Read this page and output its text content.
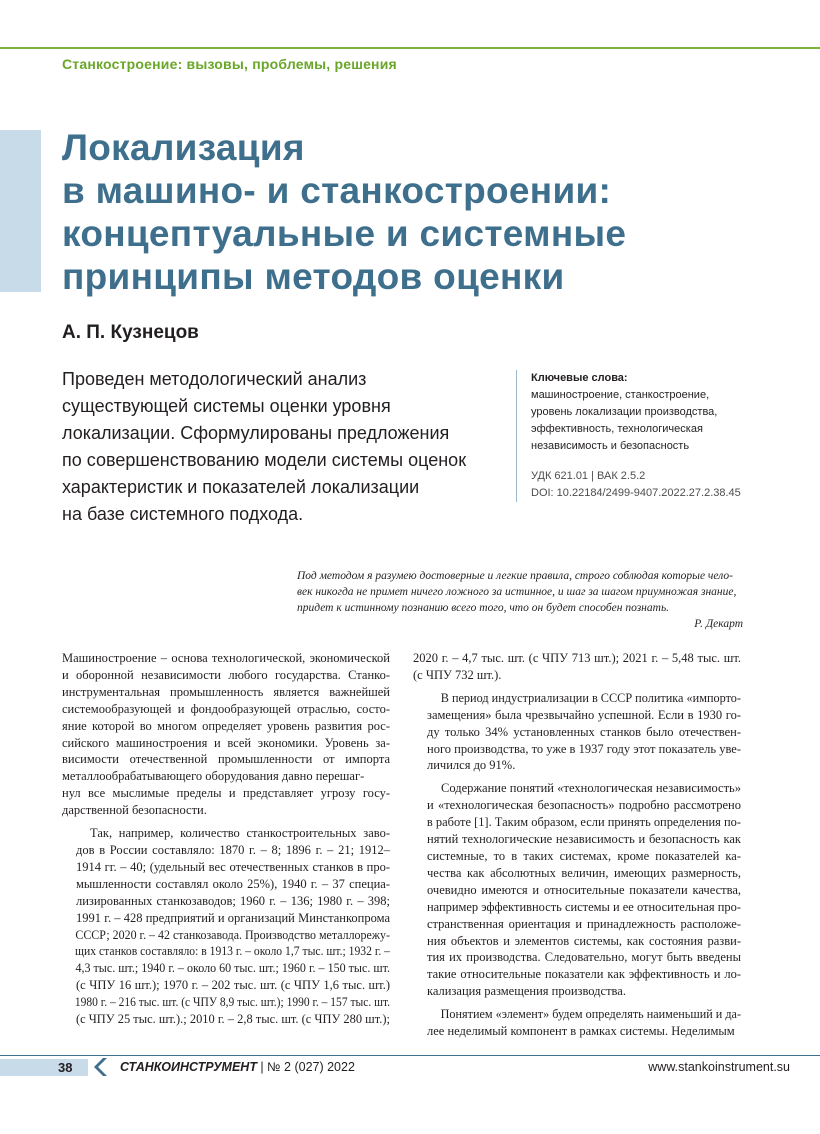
Станкостроение: вызовы, проблемы, решения
Локализация
в машино- и станкостроении:
концептуальные и системные
принципы методов оценки
А. П. Кузнецов
Проведен методологический анализ
существующей системы оценки уровня
локализации. Сформулированы предложения
по совершенствованию модели системы оценок
характеристик и показателей локализации
на базе системного подхода.
Ключевые слова:
машиностроение, станкостроение,
уровень локализации производства,
эффективность, технологическая
независимость и безопасность
УДК 621.01 | ВАК 2.5.2
DOI: 10.22184/2499-9407.2022.27.2.38.45
Под методом я разумею достоверные и легкие правила, строго соблюдая которые чело-
век никогда не примет ничего ложного за истинное, и шаг за шагом приумножая знание,
придет к истинному познанию всего того, что он будет способен познать.
Р. Декарт

Машиностроение – основа технологической, экономической
и оборонной независимости любого государства. Станко-
инструментальная промышленность является важнейшей
системообразующей и фондообразующей отраслью, состо-
яние которой во многом определяет уровень развития рос-
сийского машиностроения и всей экономики. Уровень за-
висимости отечественной промышленности от импорта
металлообрабатывающего оборудования давно перешаг-
нул все мыслимые пределы и представляет угрозу госу-
дарственной безопасности.

Так, например, количество станкостроительных заво-
дов в России составляло: 1870 г. – 8; 1896 г. – 21; 1912–
1914 гг. – 40; (удельный вес отечественных станков в про-
мышленности составлял около 25%), 1940 г. – 37 специа-
лизированных станкозаводов; 1960 г. – 136; 1980 г. – 398;
1991 г. – 428 предприятий и организаций Минстанкопрома
СССР; 2020 г. – 42 станкозавода. Производство металлорежу-
щих станков составляло: в 1913 г. – около 1,7 тыс. шт.; 1932 г. –
4,3 тыс. шт.; 1940 г. – около 60 тыс. шт.; 1960 г. – 150 тыс. шт.
(с ЧПУ 16 шт.); 1970 г. – 202 тыс. шт. (с ЧПУ 1,6 тыс. шт.)
1980 г. – 216 тыс. шт. (с ЧПУ 8,9 тыс. шт.); 1990 г. – 157 тыс. шт.
(с ЧПУ 25 тыс. шт.).; 2010 г. – 2,8 тыс. шт. (с ЧПУ 280 шт.);

2020 г. – 4,7 тыс. шт. (с ЧПУ 713 шт.); 2021 г. – 5,48 тыс. шт.
(с ЧПУ 732 шт.).

В период индустриализации в СССР политика «импорто-
замещения» была чрезвычайно успешной. Если в 1930 го-
ду только 34% установленных станков было отечествен-
ного производства, то уже в 1937 году этот показатель уве-
личился до 91%.

Содержание понятий «технологическая независимость»
и «технологическая безопасность» подробно рассмотрено
в работе [1]. Таким образом, если принять определения по-
нятий технологические независимость и безопасность как
системные, то в таких системах, кроме показателей ка-
чества как абсолютных величин, имеющих размерность,
очевидно имеются и относительные показатели качества,
например эффективность системы и ее относительная про-
странственная ориентация и принадлежность расположе-
ния объектов и элементов системы, как состояния разви-
тия их производства. Следовательно, могут быть введены
такие относительные показатели как эффективность и ло-
кализация размещения производства.

Понятием «элемент» будем определять наименьший и да-
лее неделимый компонент в рамках системы. Неделимым

38	СТАНКОИНСТРУМЕНТ | № 2 (027) 2022	www.stankoinstrument.su
